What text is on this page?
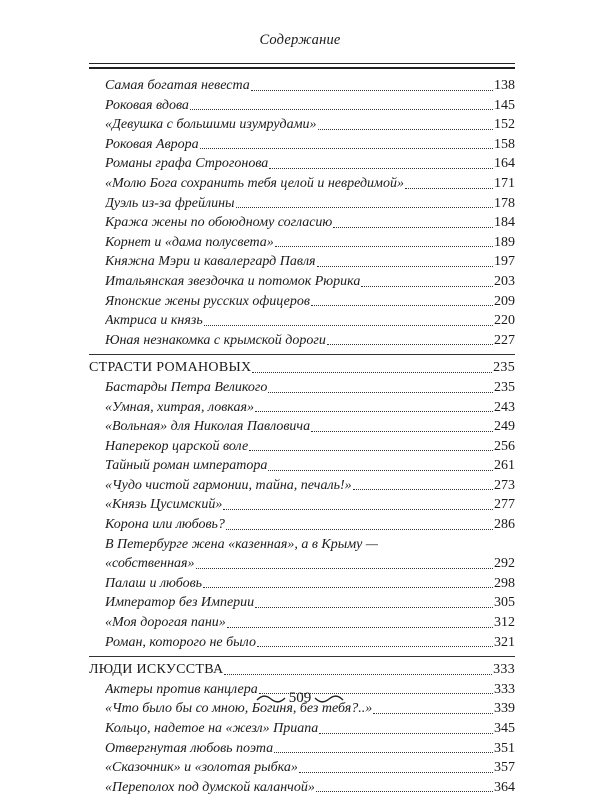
Содержание
Самая богатая невеста	138
Роковая вдова	145
«Девушка с большими изумрудами»	152
Роковая Аврора	158
Романы графа Строгонова	164
«Молю Бога сохранить тебя целой и невредимой»	171
Дуэль из-за фрейлины	178
Кража жены по обоюдному согласию	184
Корнет и «дама полусвета»	189
Княжна Мэри и кавалергард Павля	197
Итальянская звездочка и потомок Рюрика	203
Японские жены русских офицеров	209
Актриса и князь	220
Юная незнакомка с крымской дороги	227
СТРАСТИ РОМАНОВЫХ	235
Бастарды Петра Великого	235
«Умная, хитрая, ловкая»	243
«Вольная» для Николая Павловича	249
Наперекор царской воле	256
Тайный роман императора	261
«Чудо чистой гармонии, тайна, печаль!»	273
«Князь Цусимский»	277
Корона или любовь?	286
В Петербурге жена «казенная», а в Крыму —
«собственная»	292
Палаш и любовь	298
Император без Империи	305
«Моя дорогая пани»	312
Роман, которого не было	321
ЛЮДИ ИСКУССТВА	333
Актеры против канцлера	333
«Что было бы со мною, Богиня, без тебя?..»	339
Кольцо, надетое на «жезл» Приапа	345
Отвергнутая любовь поэта	351
«Сказочник» и «золотая рыбка»	357
«Переполох под думской каланчой»	364
509
